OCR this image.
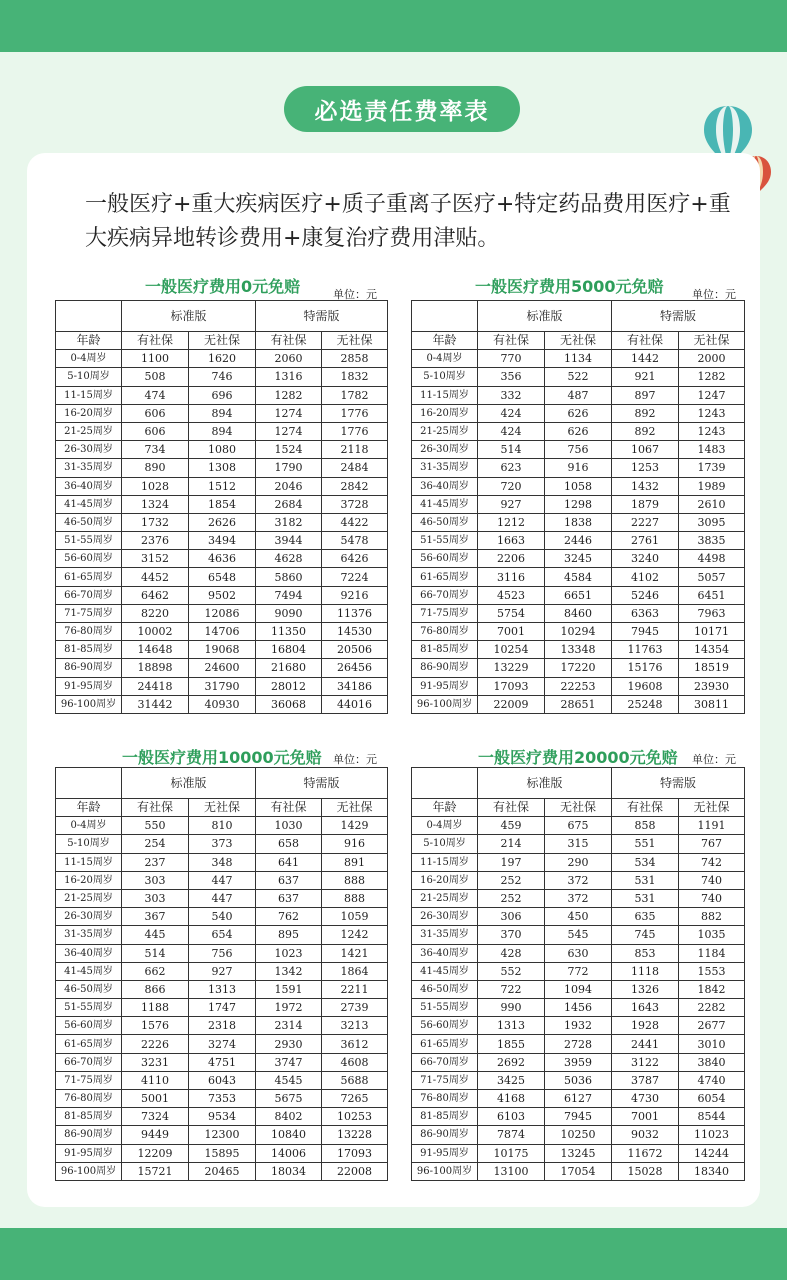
必选责任费率表
一般医疗+重大疾病医疗+质子重离子医疗+特定药品费用医疗+重大疾病异地转诊费用+康复治疗费用津贴。
一般医疗费用0元免赔	单位：元	一般医疗费用5000元免赔	单位：元
一般医疗费用10000元免赔 单位：元	一般医疗费用20000元免赔 单位：元
	标准版		特需版	
年龄	有社保	无社保	有社保	无社保
0-4周岁	1100	1620	2060	2858
5-10周岁	508	746	1316	1832
11-15周岁	474	696	1282	1782
16-20周岁	606	894	1274	1776
21-25周岁	606	894	1274	1776
26-30周岁	734	1080	1524	2118
31-35周岁	890	1308	1790	2484
36-40周岁	1028	1512	2046	2842
41-45周岁	1324	1854	2684	3728
46-50周岁	1732	2626	3182	4422
51-55周岁	2376	3494	3944	5478
56-60周岁	3152	4636	4628	6426
61-65周岁	4452	6548	5860	7224
66-70周岁	6462	9502	7494	9216
71-75周岁	8220	12086	9090	11376
76-80周岁	10002	14706	11350	14530
81-85周岁	14648	19068	16804	20506
86-90周岁	18898	24600	21680	26456
91-95周岁	24418	31790	28012	34186
96-100周岁	31442	40930	36068	44016
	标准版		特需版	
年龄	有社保	无社保	有社保	无社保
0-4周岁	770	1134	1442	2000
5-10周岁	356	522	921	1282
11-15周岁	332	487	897	1247
16-20周岁	424	626	892	1243
21-25周岁	424	626	892	1243
26-30周岁	514	756	1067	1483
31-35周岁	623	916	1253	1739
36-40周岁	720	1058	1432	1989
41-45周岁	927	1298	1879	2610
46-50周岁	1212	1838	2227	3095
51-55周岁	1663	2446	2761	3835
56-60周岁	2206	3245	3240	4498
61-65周岁	3116	4584	4102	5057
66-70周岁	4523	6651	5246	6451
71-75周岁	5754	8460	6363	7963
76-80周岁	7001	10294	7945	10171
81-85周岁	10254	13348	11763	14354
86-90周岁	13229	17220	15176	18519
91-95周岁	17093	22253	19608	23930
96-100周岁	22009	28651	25248	30811
	标准版		特需版	
年龄	有社保	无社保	有社保	无社保
0-4周岁	550	810	1030	1429
5-10周岁	254	373	658	916
11-15周岁	237	348	641	891
16-20周岁	303	447	637	888
21-25周岁	303	447	637	888
26-30周岁	367	540	762	1059
31-35周岁	445	654	895	1242
36-40周岁	514	756	1023	1421
41-45周岁	662	927	1342	1864
46-50周岁	866	1313	1591	2211
51-55周岁	1188	1747	1972	2739
56-60周岁	1576	2318	2314	3213
61-65周岁	2226	3274	2930	3612
66-70周岁	3231	4751	3747	4608
71-75周岁	4110	6043	4545	5688
76-80周岁	5001	7353	5675	7265
81-85周岁	7324	9534	8402	10253
86-90周岁	9449	12300	10840	13228
91-95周岁	12209	15895	14006	17093
96-100周岁	15721	20465	18034	22008
	标准版		特需版	
年龄	有社保	无社保	有社保	无社保
0-4周岁	459	675	858	1191
5-10周岁	214	315	551	767
11-15周岁	197	290	534	742
16-20周岁	252	372	531	740
21-25周岁	252	372	531	740
26-30周岁	306	450	635	882
31-35周岁	370	545	745	1035
36-40周岁	428	630	853	1184
41-45周岁	552	772	1118	1553
46-50周岁	722	1094	1326	1842
51-55周岁	990	1456	1643	2282
56-60周岁	1313	1932	1928	2677
61-65周岁	1855	2728	2441	3010
66-70周岁	2692	3959	3122	3840
71-75周岁	3425	5036	3787	4740
76-80周岁	4168	6127	4730	6054
81-85周岁	6103	7945	7001	8544
86-90周岁	7874	10250	9032	11023
91-95周岁	10175	13245	11672	14244
96-100周岁	13100	17054	15028	18340
